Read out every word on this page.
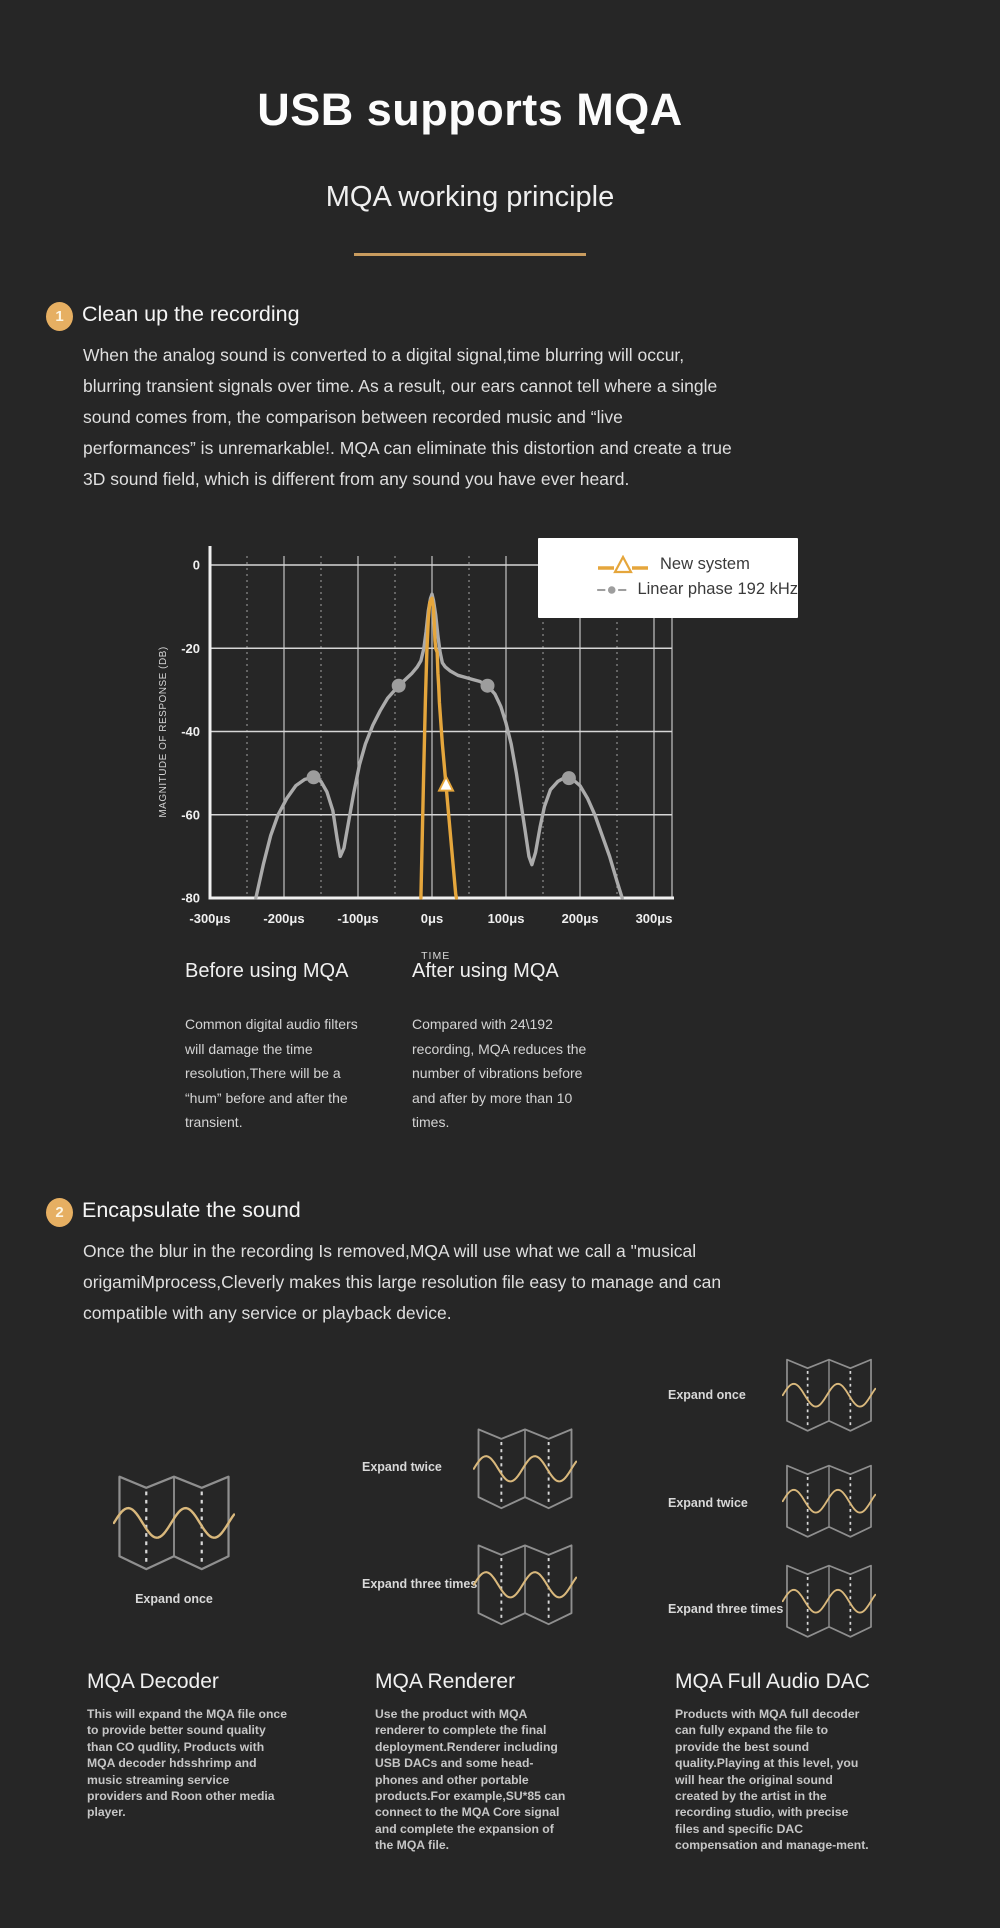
USB supports MQA
MQA working principle
1 Clean up the recording
When the analog sound is converted to a digital signal,time blurring will occur, blurring transient signals over time. As a result, our ears cannot tell where a single sound comes from, the comparison between recorded music and “live performances” is unremarkable!. MQA can eliminate this distortion and create a true 3D sound field, which is different from any sound you have ever heard.
-300μs	-200μs	-100μs	0μs	100μs	200μs	300μs
0
-20
-40
-60
-80
TIME
MAGNITUDE OF RESPONSE (DB)
New system
Linear phase 192 kHz
Before using MQA
Common digital audio filters will damage the time resolution,There will be a “hum” before and after the transient.
After using MQA
Compared with 24\192 recording, MQA reduces the number of vibrations before and after by more than 10 times.
2 Encapsulate the sound
Once the blur in the recording Is removed,MQA will use what we call a "musical origamiMprocess,Cleverly makes this large resolution file easy to manage and can compatible with any service or playback device.
Expand once
Expand twice
Expand three times
Expand once
Expand twice
Expand three times
MQA Decoder
This will expand the MQA file once to provide better sound quality than CO qudlity, Products with MQA decoder hdsshrimp and music streaming service providers and Roon other media player.
MQA Renderer
Use the product with MQA renderer to complete the final deployment.Renderer including USB DACs and some head-phones and other portable products.For example,SU*85 can connect to the MQA Core signal and complete the expansion of the MQA file.
MQA Full Audio DAC
Products with MQA full decoder can fully expand the file to provide the best sound quality.Playing at this level, you will hear the original sound created by the artist in the recording studio, with precise files and specific DAC compensation and manage-ment.
